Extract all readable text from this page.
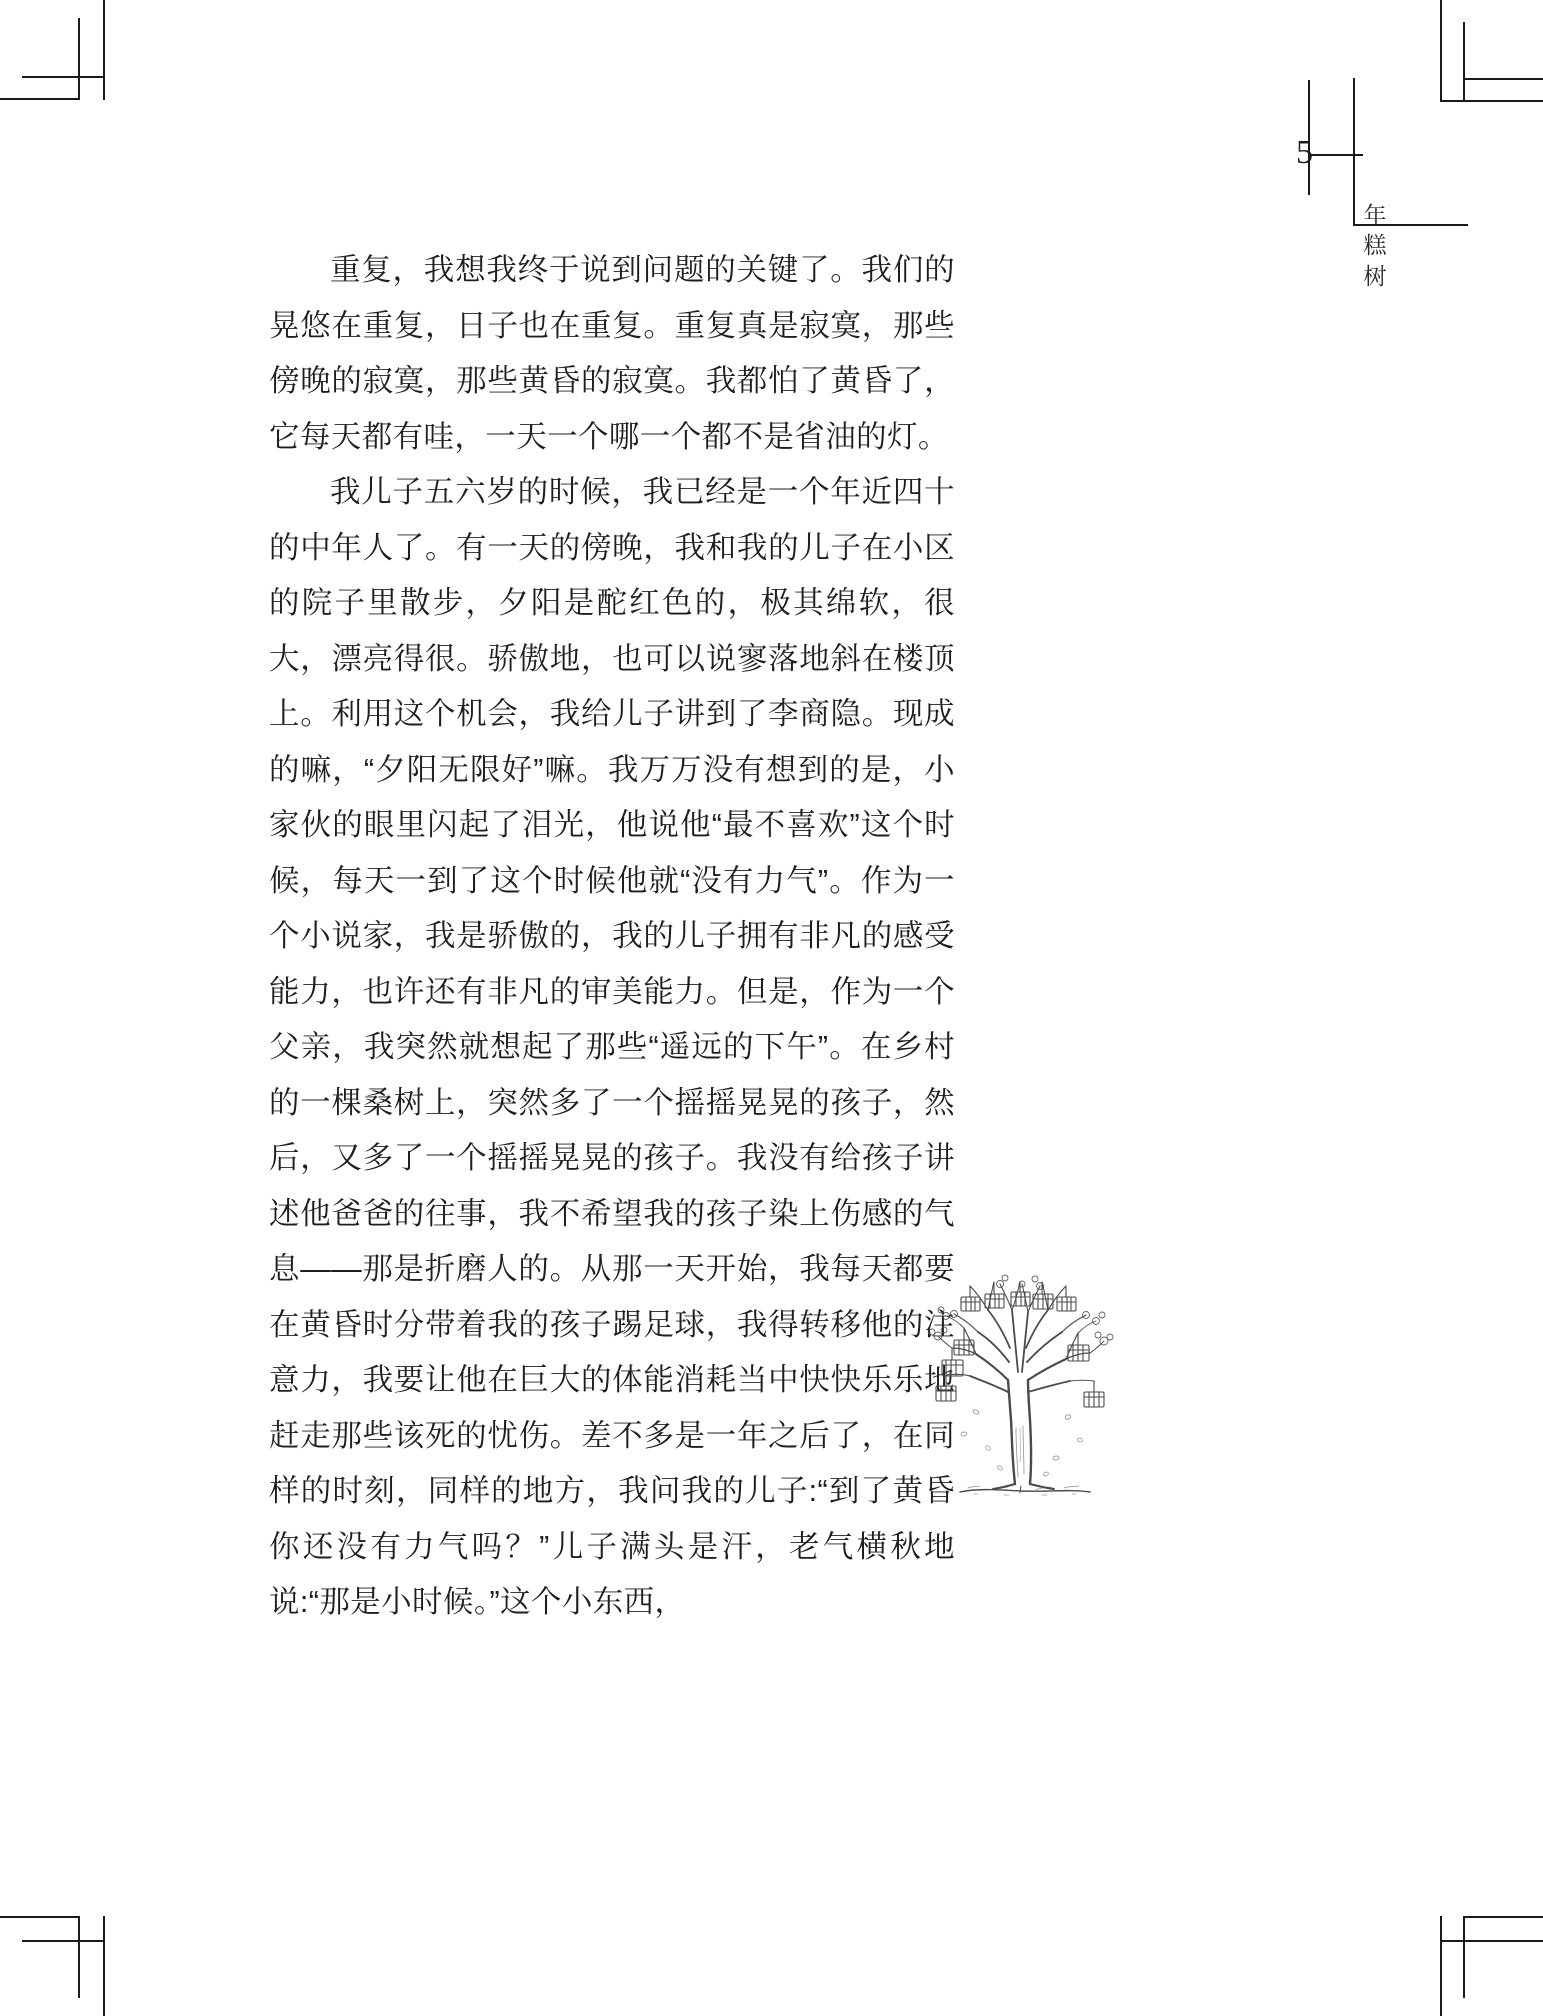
5
年
糕
树

重复，我想我终于说到问题的关键了。我们的晃悠在重复，日子也在重复。重复真是寂寞，那些傍晚的寂寞，那些黄昏的寂寞。我都怕了黄昏了，它每天都有哇，一天一个哪一个都不是省油的灯。

我儿子五六岁的时候，我已经是一个年近四十的中年人了。有一天的傍晚，我和我的儿子在小区的院子里散步，夕阳是酡红色的，极其绵软，很大，漂亮得很。骄傲地，也可以说寥落地斜在楼顶上。利用这个机会，我给儿子讲到了李商隐。现成的嘛，“夕阳无限好”嘛。我万万没有想到的是，小家伙的眼里闪起了泪光，他说他“最不喜欢”这个时候，每天一到了这个时候他就“没有力气”。作为一个小说家，我是骄傲的，我的儿子拥有非凡的感受能力，也许还有非凡的审美能力。但是，作为一个父亲，我突然就想起了那些“遥远的下午”。在乡村的一棵桑树上，突然多了一个摇摇晃晃的孩子，然后，又多了一个摇摇晃晃的孩子。我没有给孩子讲述他爸爸的往事，我不希望我的孩子染上伤感的气息——那是折磨人的。从那一天开始，我每天都要在黄昏时分带着我的孩子踢足球，我得转移他的注意力，我要让他在巨大的体能消耗当中快快乐乐地赶走那些该死的忧伤。差不多是一年之后了，在同样的时刻，同样的地方，我问我的儿子:“到了黄昏你还没有力气吗？”儿子满头是汗，老气横秋地说:“那是小时候。”这个小东西，
